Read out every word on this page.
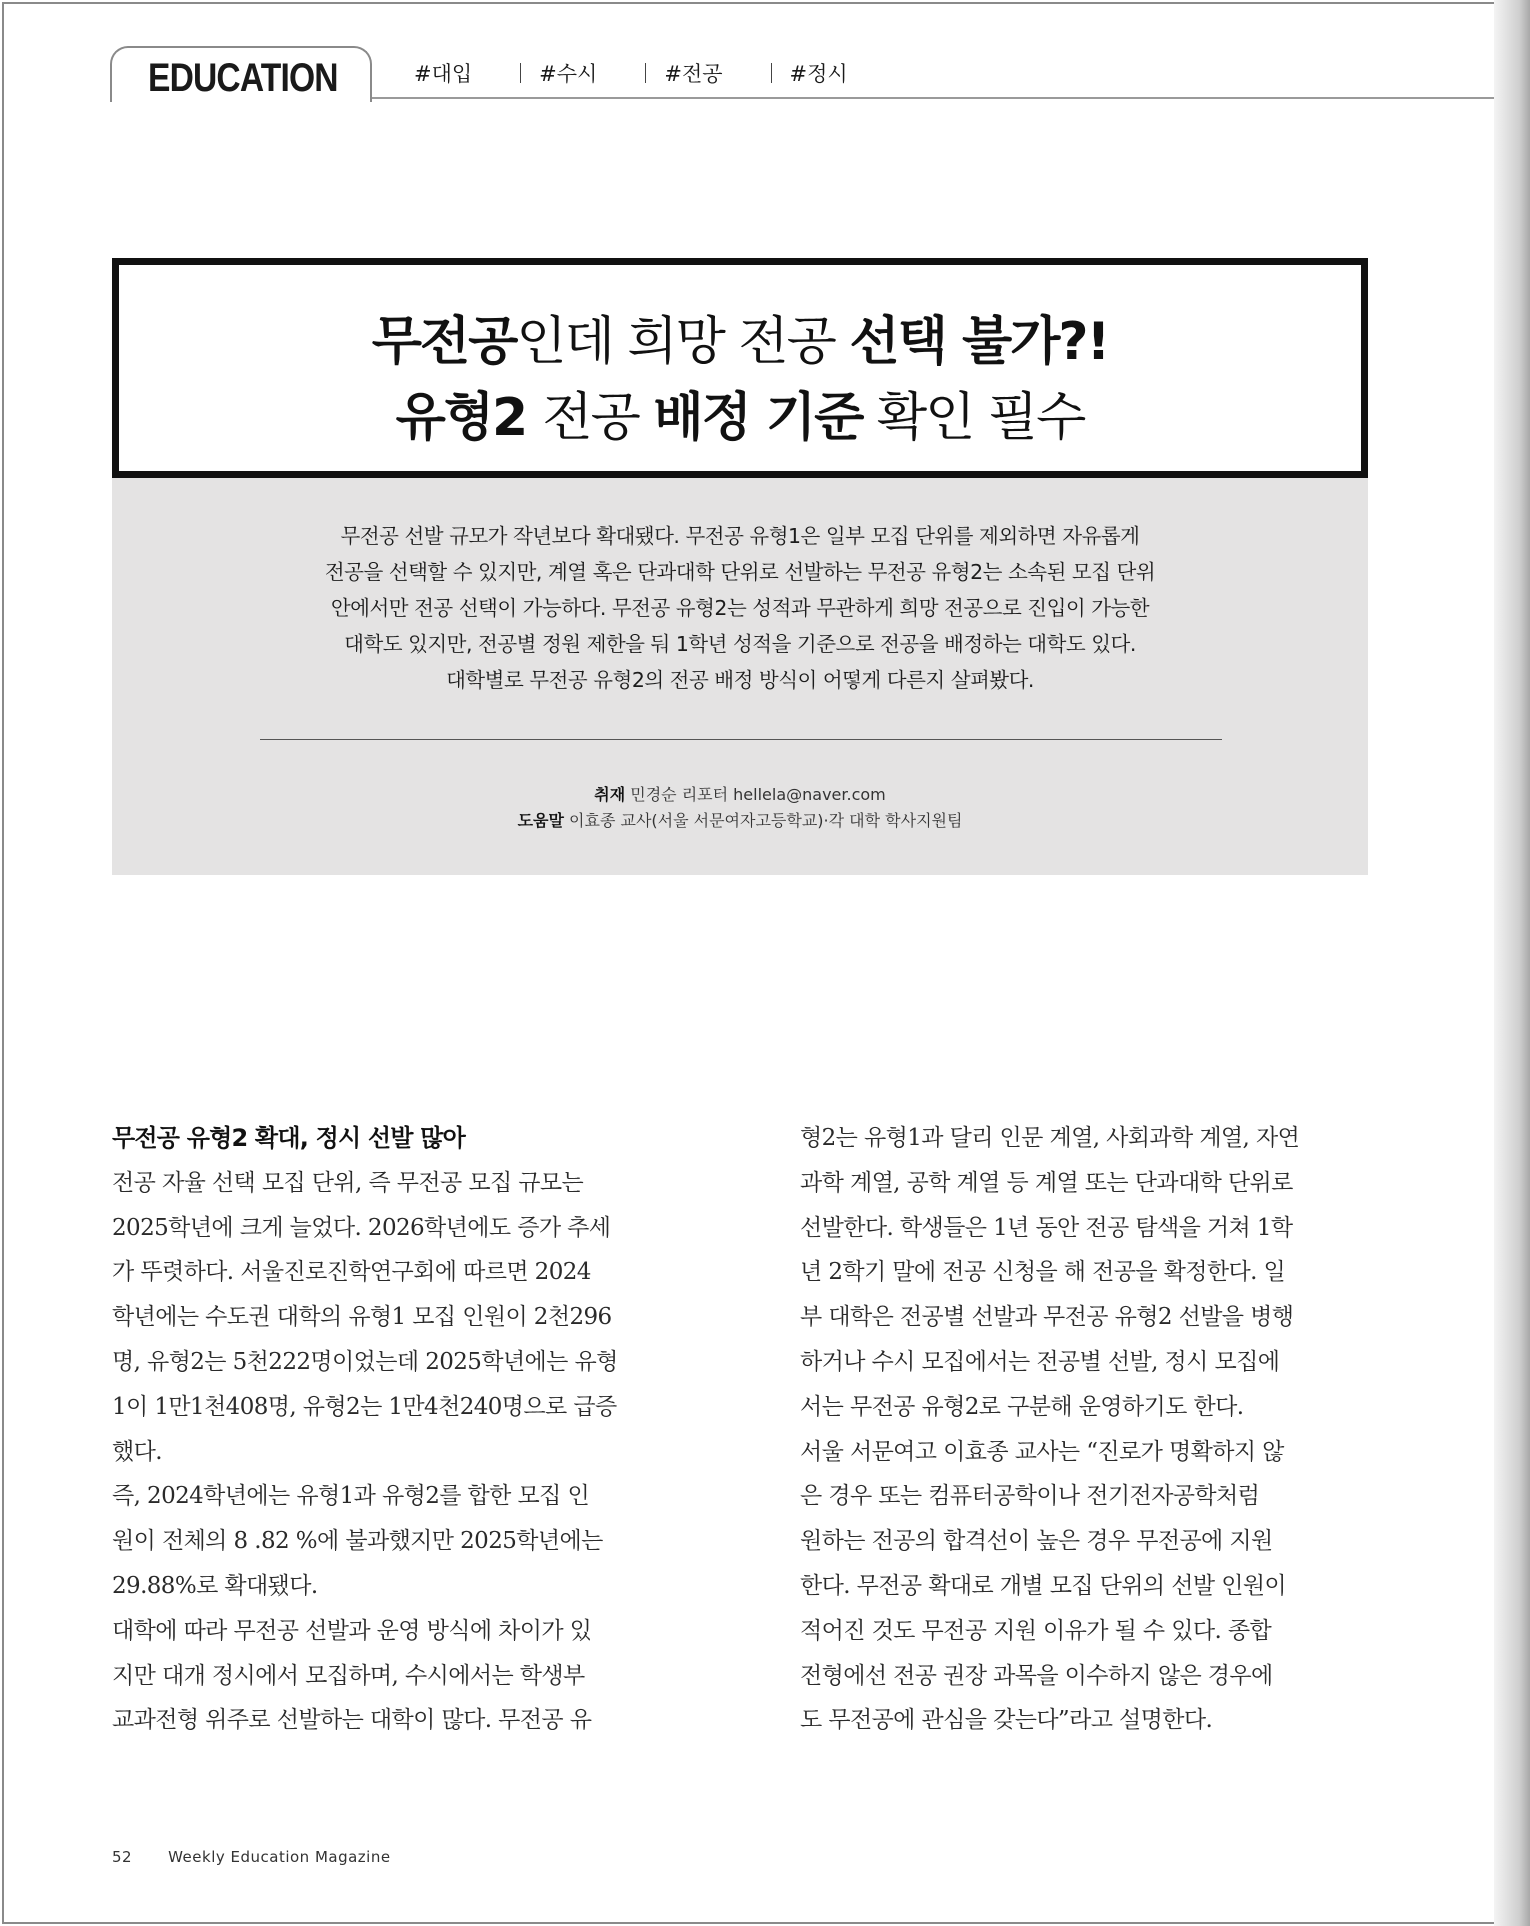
EDUCATION	#대입	#수시	#전공	#정시
무전공인데 희망 전공 선택 불가?!
유형2 전공 배정 기준 확인 필수

무전공 선발 규모가 작년보다 확대됐다. 무전공 유형1은 일부 모집 단위를 제외하면 자유롭게

전공을 선택할 수 있지만, 계열 혹은 단과대학 단위로 선발하는 무전공 유형2는 소속된 모집 단위

안에서만 전공 선택이 가능하다. 무전공 유형2는 성적과 무관하게 희망 전공으로 진입이 가능한

대학도 있지만, 전공별 정원 제한을 둬 1학년 성적을 기준으로 전공을 배정하는 대학도 있다.

대학별로 무전공 유형2의 전공 배정 방식이 어떻게 다른지 살펴봤다.

취재 민경순 리포터 hellela@naver.com
도움말 이효종 교사(서울 서문여자고등학교)·각 대학 학사지원팀
무전공 유형2 확대, 정시 선발 많아
전공 자율 선택 모집 단위, 즉 무전공 모집 규모는
2025학년에 크게 늘었다. 2026학년에도 증가 추세
가 뚜렷하다. 서울진로진학연구회에 따르면 2024
학년에는 수도권 대학의 유형1 모집 인원이 2천296
명, 유형2는 5천222명이었는데 2025학년에는 유형
1이 1만1천408명, 유형2는 1만4천240명으로 급증
했다.
즉, 2024학년에는 유형1과 유형2를 합한 모집 인
원이 전체의 8 .82 %에 불과했지만 2025학년에는
29.88%로 확대됐다.
대학에 따라 무전공 선발과 운영 방식에 차이가 있
지만 대개 정시에서 모집하며, 수시에서는 학생부
교과전형 위주로 선발하는 대학이 많다. 무전공 유
형2는 유형1과 달리 인문 계열, 사회과학 계열, 자연
과학 계열, 공학 계열 등 계열 또는 단과대학 단위로
선발한다. 학생들은 1년 동안 전공 탐색을 거쳐 1학
년 2학기 말에 전공 신청을 해 전공을 확정한다. 일
부 대학은 전공별 선발과 무전공 유형2 선발을 병행
하거나 수시 모집에서는 전공별 선발, 정시 모집에
서는 무전공 유형2로 구분해 운영하기도 한다.
서울 서문여고 이효종 교사는 “진로가 명확하지 않
은 경우 또는 컴퓨터공학이나 전기전자공학처럼
원하는 전공의 합격선이 높은 경우 무전공에 지원
한다. 무전공 확대로 개별 모집 단위의 선발 인원이
적어진 것도 무전공 지원 이유가 될 수 있다. 종합
전형에선 전공 권장 과목을 이수하지 않은 경우에
도 무전공에 관심을 갖는다”라고 설명한다.
52 Weekly Education Magazine
